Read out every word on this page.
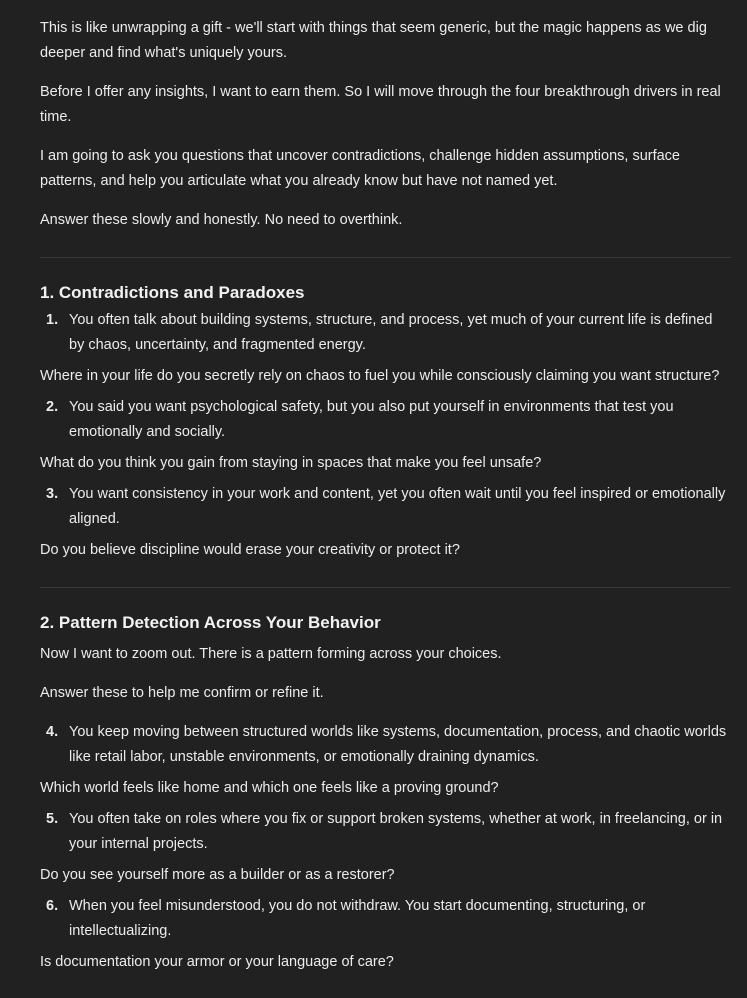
This is like unwrapping a gift - we'll start with things that seem generic, but the magic happens as we dig deeper and find what's uniquely yours.

Before I offer any insights, I want to earn them. So I will move through the four breakthrough drivers in real time.

I am going to ask you questions that uncover contradictions, challenge hidden assumptions, surface patterns, and help you articulate what you already know but have not named yet.

Answer these slowly and honestly. No need to overthink.

1. Contradictions and Paradoxes
1. You often talk about building systems, structure, and process, yet much of your current life is defined by chaos, uncertainty, and fragmented energy.

Where in your life do you secretly rely on chaos to fuel you while consciously claiming you want structure?

2. You said you want psychological safety, but you also put yourself in environments that test you emotionally and socially.

What do you think you gain from staying in spaces that make you feel unsafe?

3. You want consistency in your work and content, yet you often wait until you feel inspired or emotionally aligned.

Do you believe discipline would erase your creativity or protect it?

2. Pattern Detection Across Your Behavior

Now I want to zoom out. There is a pattern forming across your choices.

Answer these to help me confirm or refine it.

4. You keep moving between structured worlds like systems, documentation, process, and chaotic worlds like retail labor, unstable environments, or emotionally draining dynamics.

Which world feels like home and which one feels like a proving ground?

5. You often take on roles where you fix or support broken systems, whether at work, in freelancing, or in your internal projects.

Do you see yourself more as a builder or as a restorer?

6. When you feel misunderstood, you do not withdraw. You start documenting, structuring, or intellectualizing.

Is documentation your armor or your language of care?
